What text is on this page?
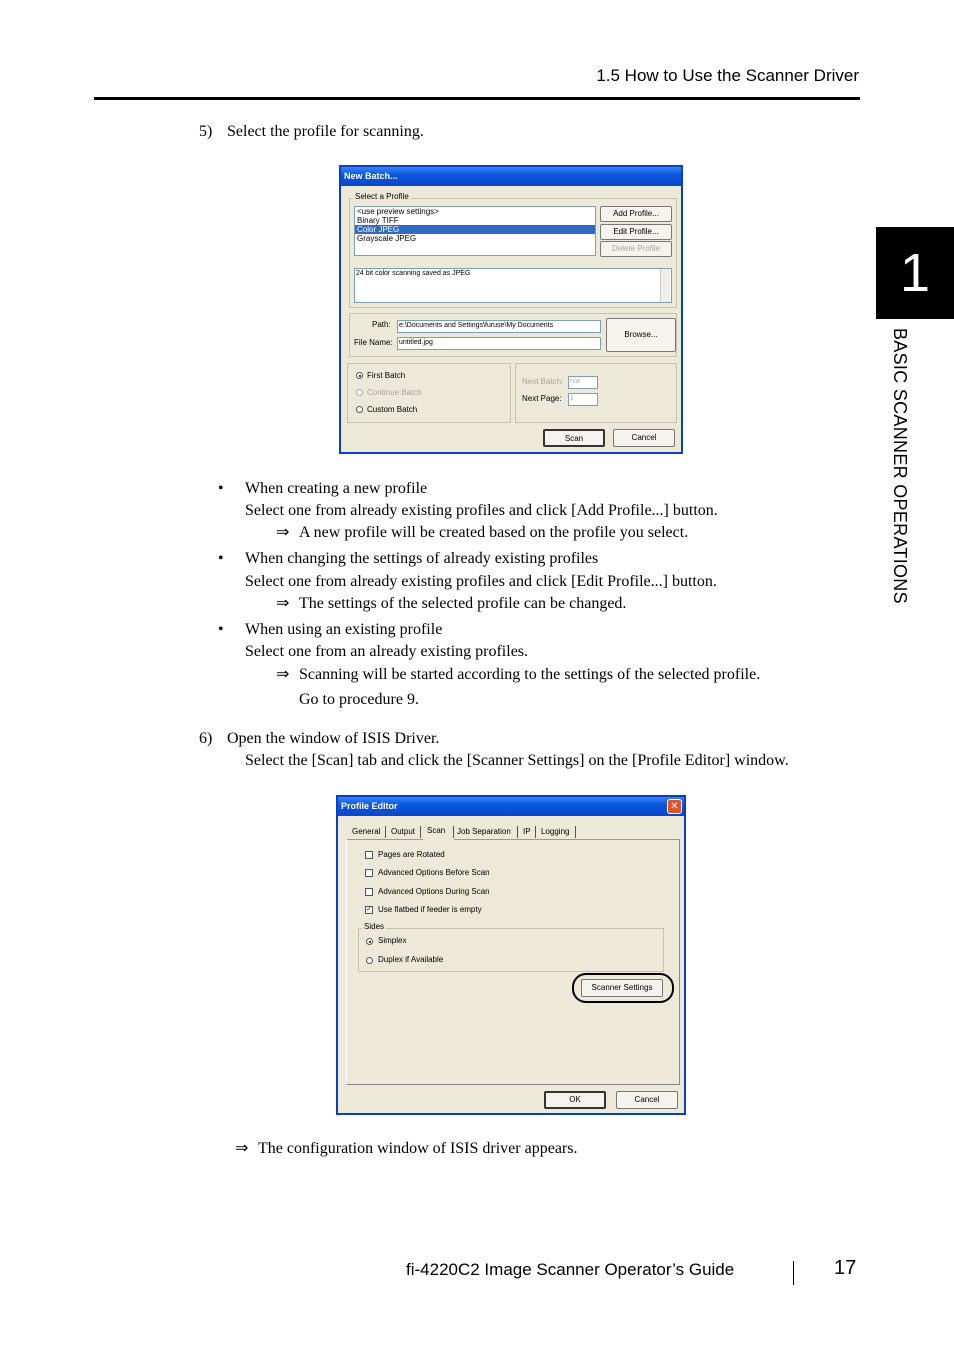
1.5 How to Use the Scanner Driver
1
BASIC SCANNER OPERATIONS
5) Select the profile for scanning.
New Batch...
Select a Profile
<use preview settings>
Binary TIFF
Color JPEG
Grayscale JPEG
Add Profile...
Edit Profile...
Delete Profile
24 bit color scanning saved as JPEG
Path: e:\Documents and Settings\furuse\My Documents
File Name: untitled.jpg
Browse...
First Batch
Continue Batch
Custom Batch
Next Batch: n/a
Next Page: 1
Scan	Cancel
• When creating a new profile
Select one from already existing profiles and click [Add Profile...] button.
⇒ A new profile will be created based on the profile you select.
• When changing the settings of already existing profiles
Select one from already existing profiles and click [Edit Profile...] button.
⇒ The settings of the selected profile can be changed.
• When using an existing profile
Select one from an already existing profiles.
⇒ Scanning will be started according to the settings of the selected profile.
Go to procedure 9.
6) Open the window of ISIS Driver.
Select the [Scan] tab and click the [Scanner Settings] on the [Profile Editor] window.
Profile Editor	✕
General Output Scan Job Separation IP Logging
Pages are Rotated
Advanced Options Before Scan
Advanced Options During Scan
✓ Use flatbed if feeder is empty
Sides
Simplex
Duplex if Available
Scanner Settings
OK	Cancel
⇒ The configuration window of ISIS driver appears.
fi-4220C2 Image Scanner Operator’s Guide	17
